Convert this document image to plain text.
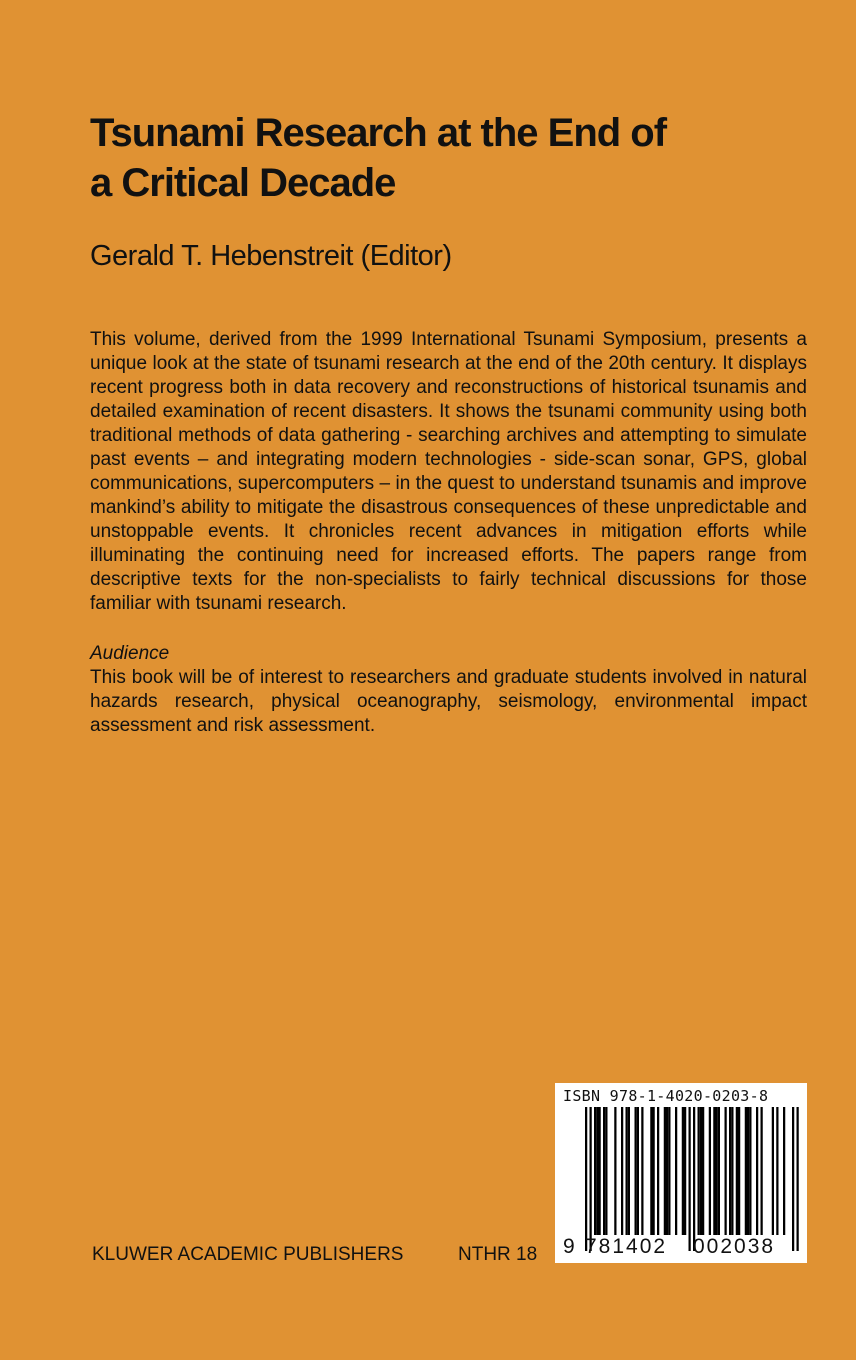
Tsunami Research at the End of
a Critical Decade
Gerald T. Hebenstreit (Editor)

This volume, derived from the 1999 International Tsunami Symposium, presents a unique look at the state of tsunami research at the end of the 20th century. It displays recent progress both in data recovery and reconstructions of historical tsunamis and detailed examination of recent disasters. It shows the tsunami community using both traditional methods of data gathering - searching archives and attempting to simulate past events – and integrating modern technologies - side-scan sonar, GPS, global communications, supercomputers – in the quest to understand tsunamis and improve mankind’s ability to mitigate the disastrous consequences of these unpredictable and unstoppable events. It chronicles recent advances in mitigation efforts while illuminating the continuing need for increased efforts. The papers range from descriptive texts for the non-specialists to fairly technical discussions for those familiar with tsunami research.

Audience
This book will be of interest to researchers and graduate students involved in natural hazards research, physical oceanography, seismology, environmental impact assessment and risk assessment.
KLUWER ACADEMIC PUBLISHERS	NTHR 18
ISBN 978-1-4020-0203-8
9 781402 002038
